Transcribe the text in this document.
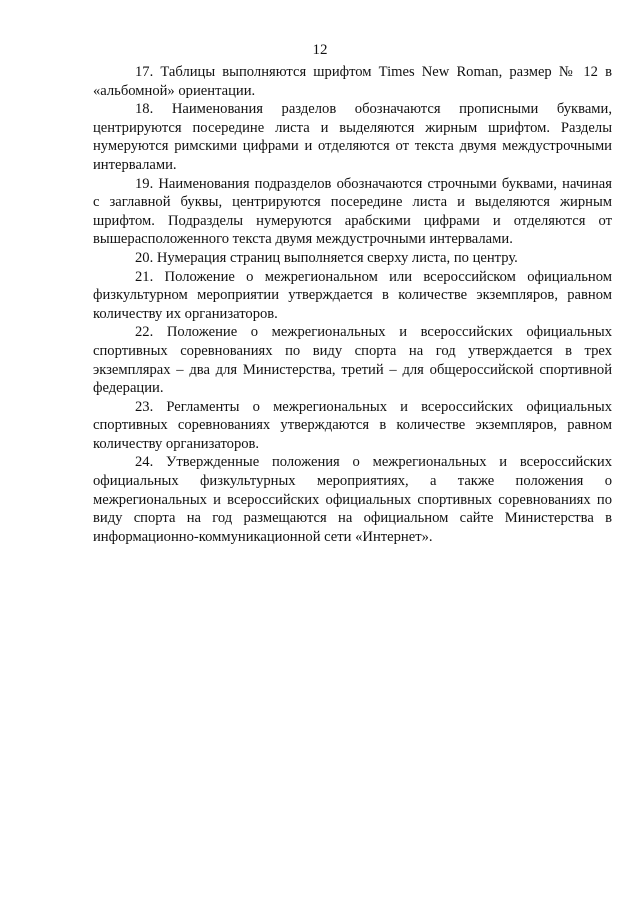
12

17. Таблицы выполняются шрифтом Times New Roman, размер № 12 в «альбомной» ориентации.

18. Наименования разделов обозначаются прописными буквами, центрируются посередине листа и выделяются жирным шрифтом. Разделы нумеруются римскими цифрами и отделяются от текста двумя междустрочными интервалами.

19. Наименования подразделов обозначаются строчными буквами, начиная с заглавной буквы, центрируются посередине листа и выделяются жирным шрифтом. Подразделы нумеруются арабскими цифрами и отделяются от вышерасположенного текста двумя междустрочными интервалами.

20. Нумерация страниц выполняется сверху листа, по центру.

21. Положение о межрегиональном или всероссийском официальном физкультурном мероприятии утверждается в количестве экземпляров, равном количеству их организаторов.

22. Положение о межрегиональных и всероссийских официальных спортивных соревнованиях по виду спорта на год утверждается в трех экземплярах – два для Министерства, третий – для общероссийской спортивной федерации.

23. Регламенты о межрегиональных и всероссийских официальных спортивных соревнованиях утверждаются в количестве экземпляров, равном количеству организаторов.

24. Утвержденные положения о межрегиональных и всероссийских официальных физкультурных мероприятиях, а также положения о межрегиональных и всероссийских официальных спортивных соревнованиях по виду спорта на год размещаются на официальном сайте Министерства в информационно-коммуникационной сети «Интернет».
